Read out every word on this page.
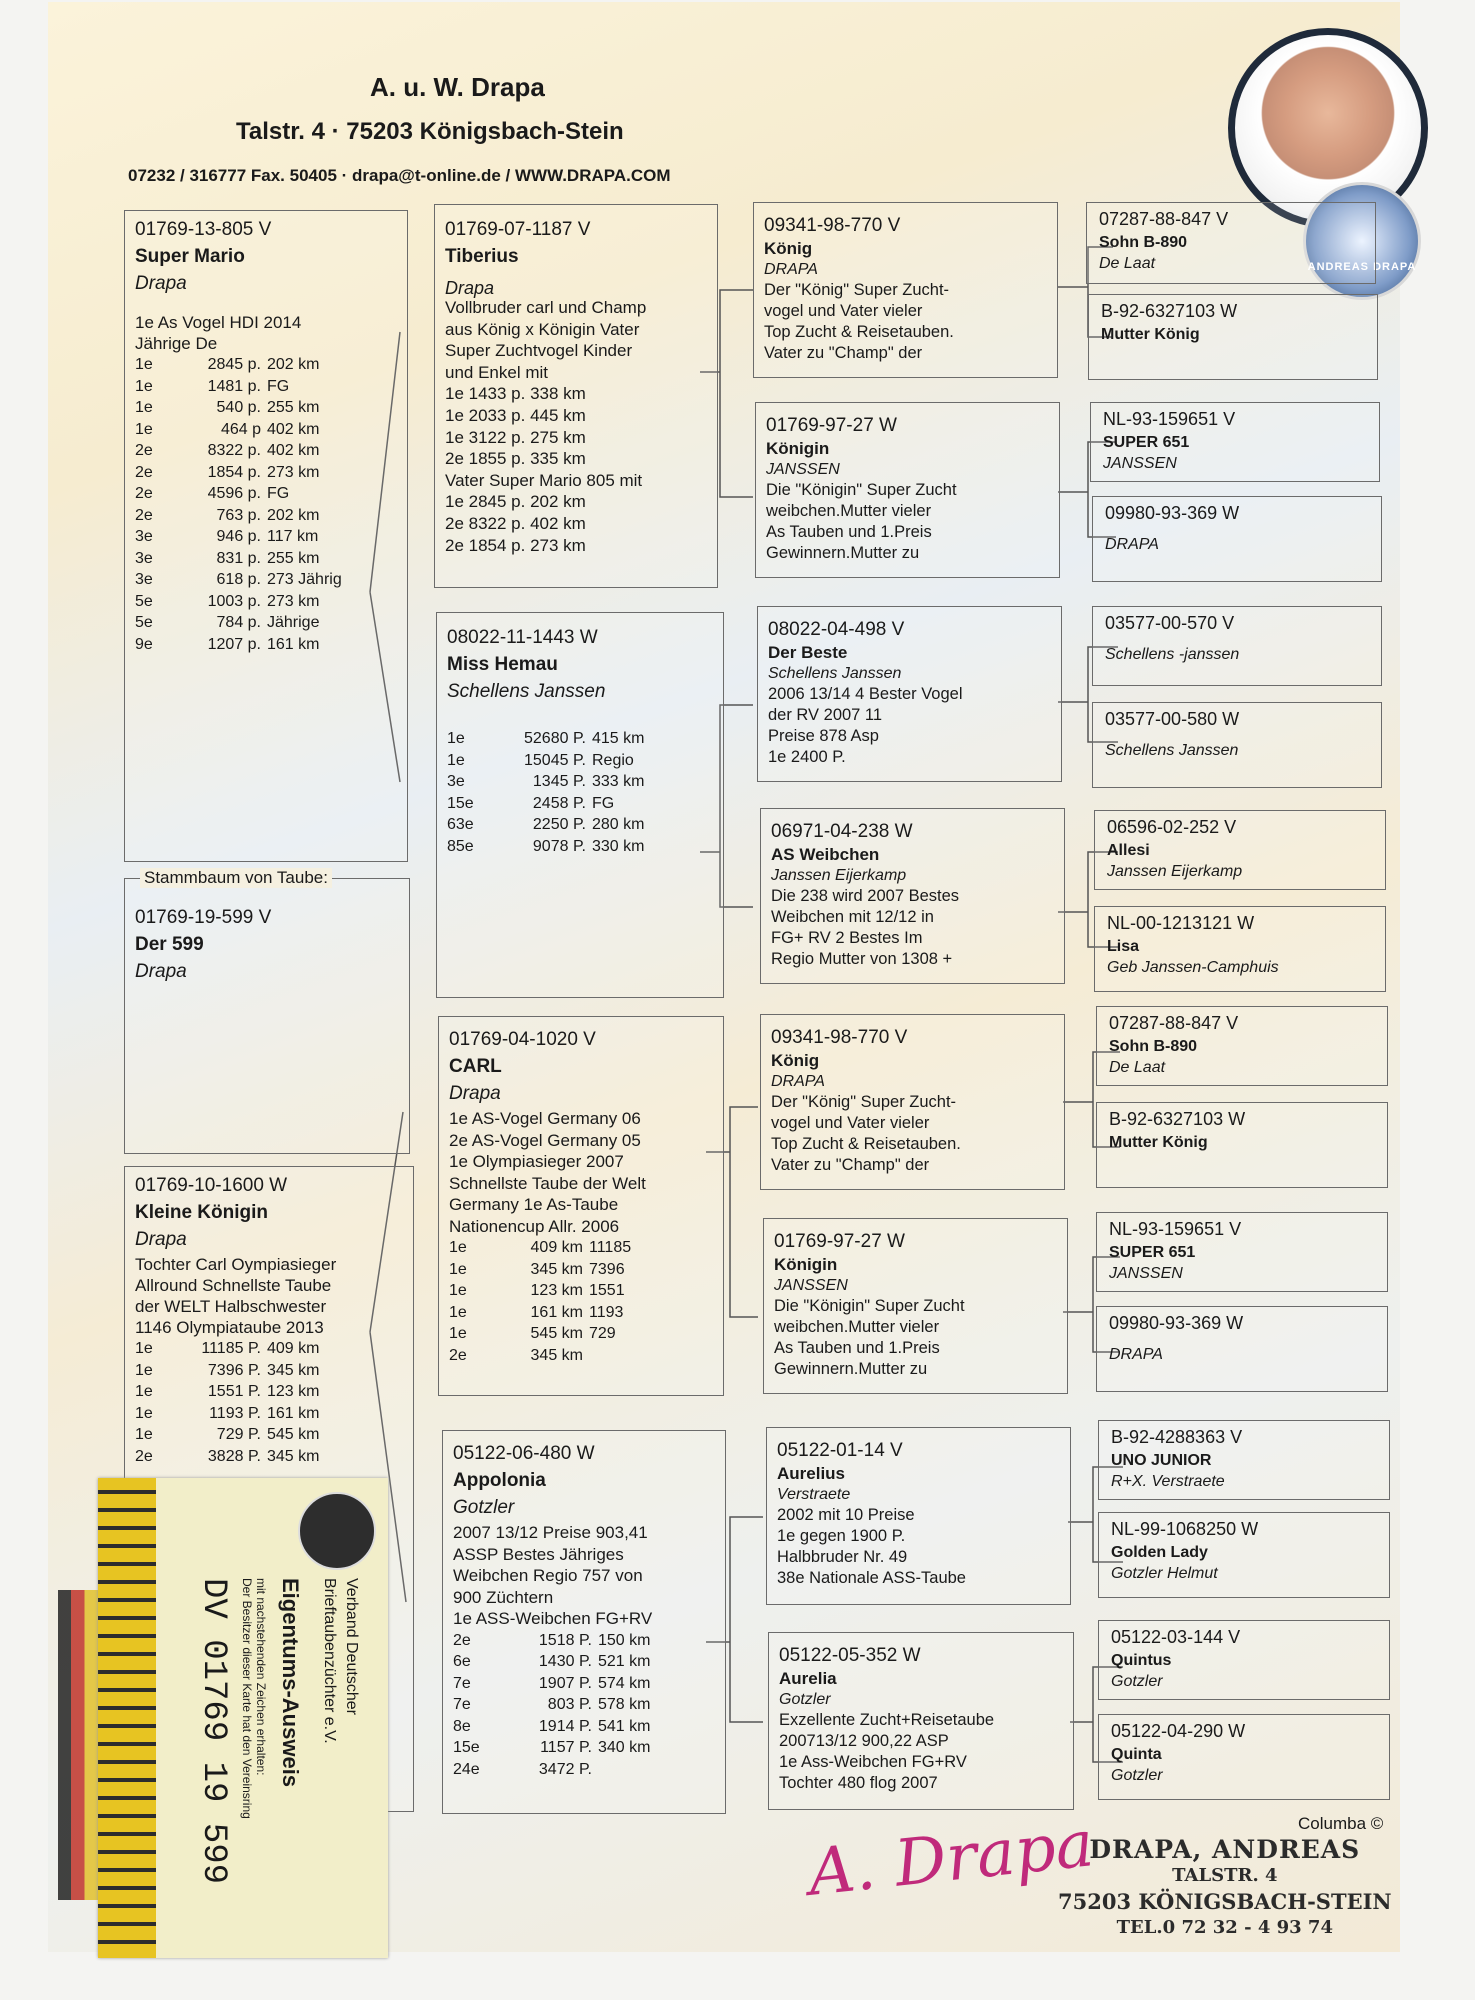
A. u. W. Drapa
Talstr. 4 · 75203 Königsbach-Stein
07232 / 316777 Fax. 50405 · drapa@t-online.de / WWW.DRAPA.COM
ANDREAS DRAPA
01769-13-805 V
Super Mario
Drapa
1e As Vogel HDI 2014
Jährige De
1e	2845 p. 202 km
1e	1481 p. FG
1e	540 p. 255 km
1e	464 p 402 km
2e	8322 p. 402 km
2e	1854 p. 273 km
2e	4596 p. FG
2e	763 p. 202 km
3e	946 p. 117 km
3e	831 p. 255 km
3e	618 p. 273 Jährig
5e	1003 p. 273 km
5e	784 p. Jährige
9e	1207 p. 161 km
01769-19-599 V
Der 599
Drapa
Stammbaum von Taube:
01769-10-1600 W
Kleine Königin
Drapa
Tochter Carl Oympiasieger
Allround Schnellste Taube
der WELT Halbschwester
1146 Olympiataube 2013
1e	11185 P. 409 km
1e	7396 P. 345 km
1e	1551 P. 123 km
1e	1193 P. 161 km
1e	729 P. 545 km
2e	3828 P. 345 km
01769-07-1187 V
Tiberius
Drapa
Vollbruder carl und Champ
aus König x Königin Vater
Super Zuchtvogel Kinder
und Enkel mit
1e 1433 p. 338 km
1e 2033 p. 445 km
1e 3122 p. 275 km
2e 1855 p. 335 km
Vater Super Mario 805 mit
1e 2845 p. 202 km
2e 8322 p. 402 km
2e 1854 p. 273 km
08022-11-1443 W
Miss Hemau
Schellens Janssen
1e	52680 P. 415 km
1e	15045 P. Regio
3e	1345 P. 333 km
15e	2458 P. FG
63e	2250 P. 280 km
85e	9078 P. 330 km
01769-04-1020 V
CARL
Drapa
1e AS-Vogel Germany 06
2e AS-Vogel Germany 05
1e Olympiasieger 2007
Schnellste Taube der Welt
Germany 1e As-Taube
Nationencup Allr. 2006
1e	409 km 11185
1e	345 km 7396
1e	123 km 1551
1e	161 km 1193
1e	545 km 729
2e	345 km
05122-06-480 W
Appolonia
Gotzler
2007 13/12 Preise 903,41
ASSP Bestes Jähriges
Weibchen Regio 757 von
900 Züchtern
1e ASS-Weibchen FG+RV
2e	1518 P. 150 km
6e	1430 P. 521 km
7e	1907 P. 574 km
7e	803 P. 578 km
8e	1914 P. 541 km
15e	1157 P. 340 km
24e	3472 P.
09341-98-770 V
König
DRAPA
Der "König" Super Zucht-
vogel und Vater vieler
Top Zucht & Reisetauben.
Vater zu "Champ" der
01769-97-27 W
Königin
JANSSEN
Die "Königin" Super Zucht
weibchen.Mutter vieler
As Tauben und 1.Preis
Gewinnern.Mutter zu
08022-04-498 V
Der Beste
Schellens Janssen
2006 13/14 4 Bester Vogel
der RV 2007 11
Preise 878 Asp
1e 2400 P.
06971-04-238 W
AS Weibchen
Janssen Eijerkamp
Die 238 wird 2007 Bestes
Weibchen mit 12/12 in
FG+ RV 2 Bestes Im
Regio Mutter von 1308 +
09341-98-770 V
König
DRAPA
Der "König" Super Zucht-
vogel und Vater vieler
Top Zucht & Reisetauben.
Vater zu "Champ" der
01769-97-27 W
Königin
JANSSEN
Die "Königin" Super Zucht
weibchen.Mutter vieler
As Tauben und 1.Preis
Gewinnern.Mutter zu
05122-01-14 V
Aurelius
Verstraete
2002 mit 10 Preise
1e gegen 1900 P.
Halbbruder Nr. 49
38e Nationale ASS-Taube
05122-05-352 W
Aurelia
Gotzler
Exzellente Zucht+Reisetaube
200713/12 900,22 ASP
1e Ass-Weibchen FG+RV
Tochter 480 flog 2007
07287-88-847 V
Sohn B-890
De Laat
B-92-6327103 W
Mutter König
NL-93-159651 V
SUPER 651
JANSSEN
09980-93-369 W
DRAPA
03577-00-570 V
Schellens -janssen
03577-00-580 W
Schellens Janssen
06596-02-252 V
Allesi
Janssen Eijerkamp
NL-00-1213121 W
Lisa
Geb Janssen-Camphuis
07287-88-847 V
Sohn B-890
De Laat
B-92-6327103 W
Mutter König
NL-93-159651 V
SUPER 651
JANSSEN
09980-93-369 W
DRAPA
B-92-4288363 V
UNO JUNIOR
R+X. Verstraete
NL-99-1068250 W
Golden Lady
Gotzler Helmut
05122-03-144 V
Quintus
Gotzler
05122-04-290 W
Quinta
Gotzler
Columba ©
A. Drapa
DRAPA, ANDREAS
TALSTR. 4
75203 KÖNIGSBACH-STEIN
TEL.0 72 32 - 4 93 74
DV 01769 19 599 Der Besitzer dieser Karte hat den Vereinsring mit nachstehenden Zeichen erhalten: Eigentums-Ausweis Brieftaubenzüchter e.V. Verband Deutscher
